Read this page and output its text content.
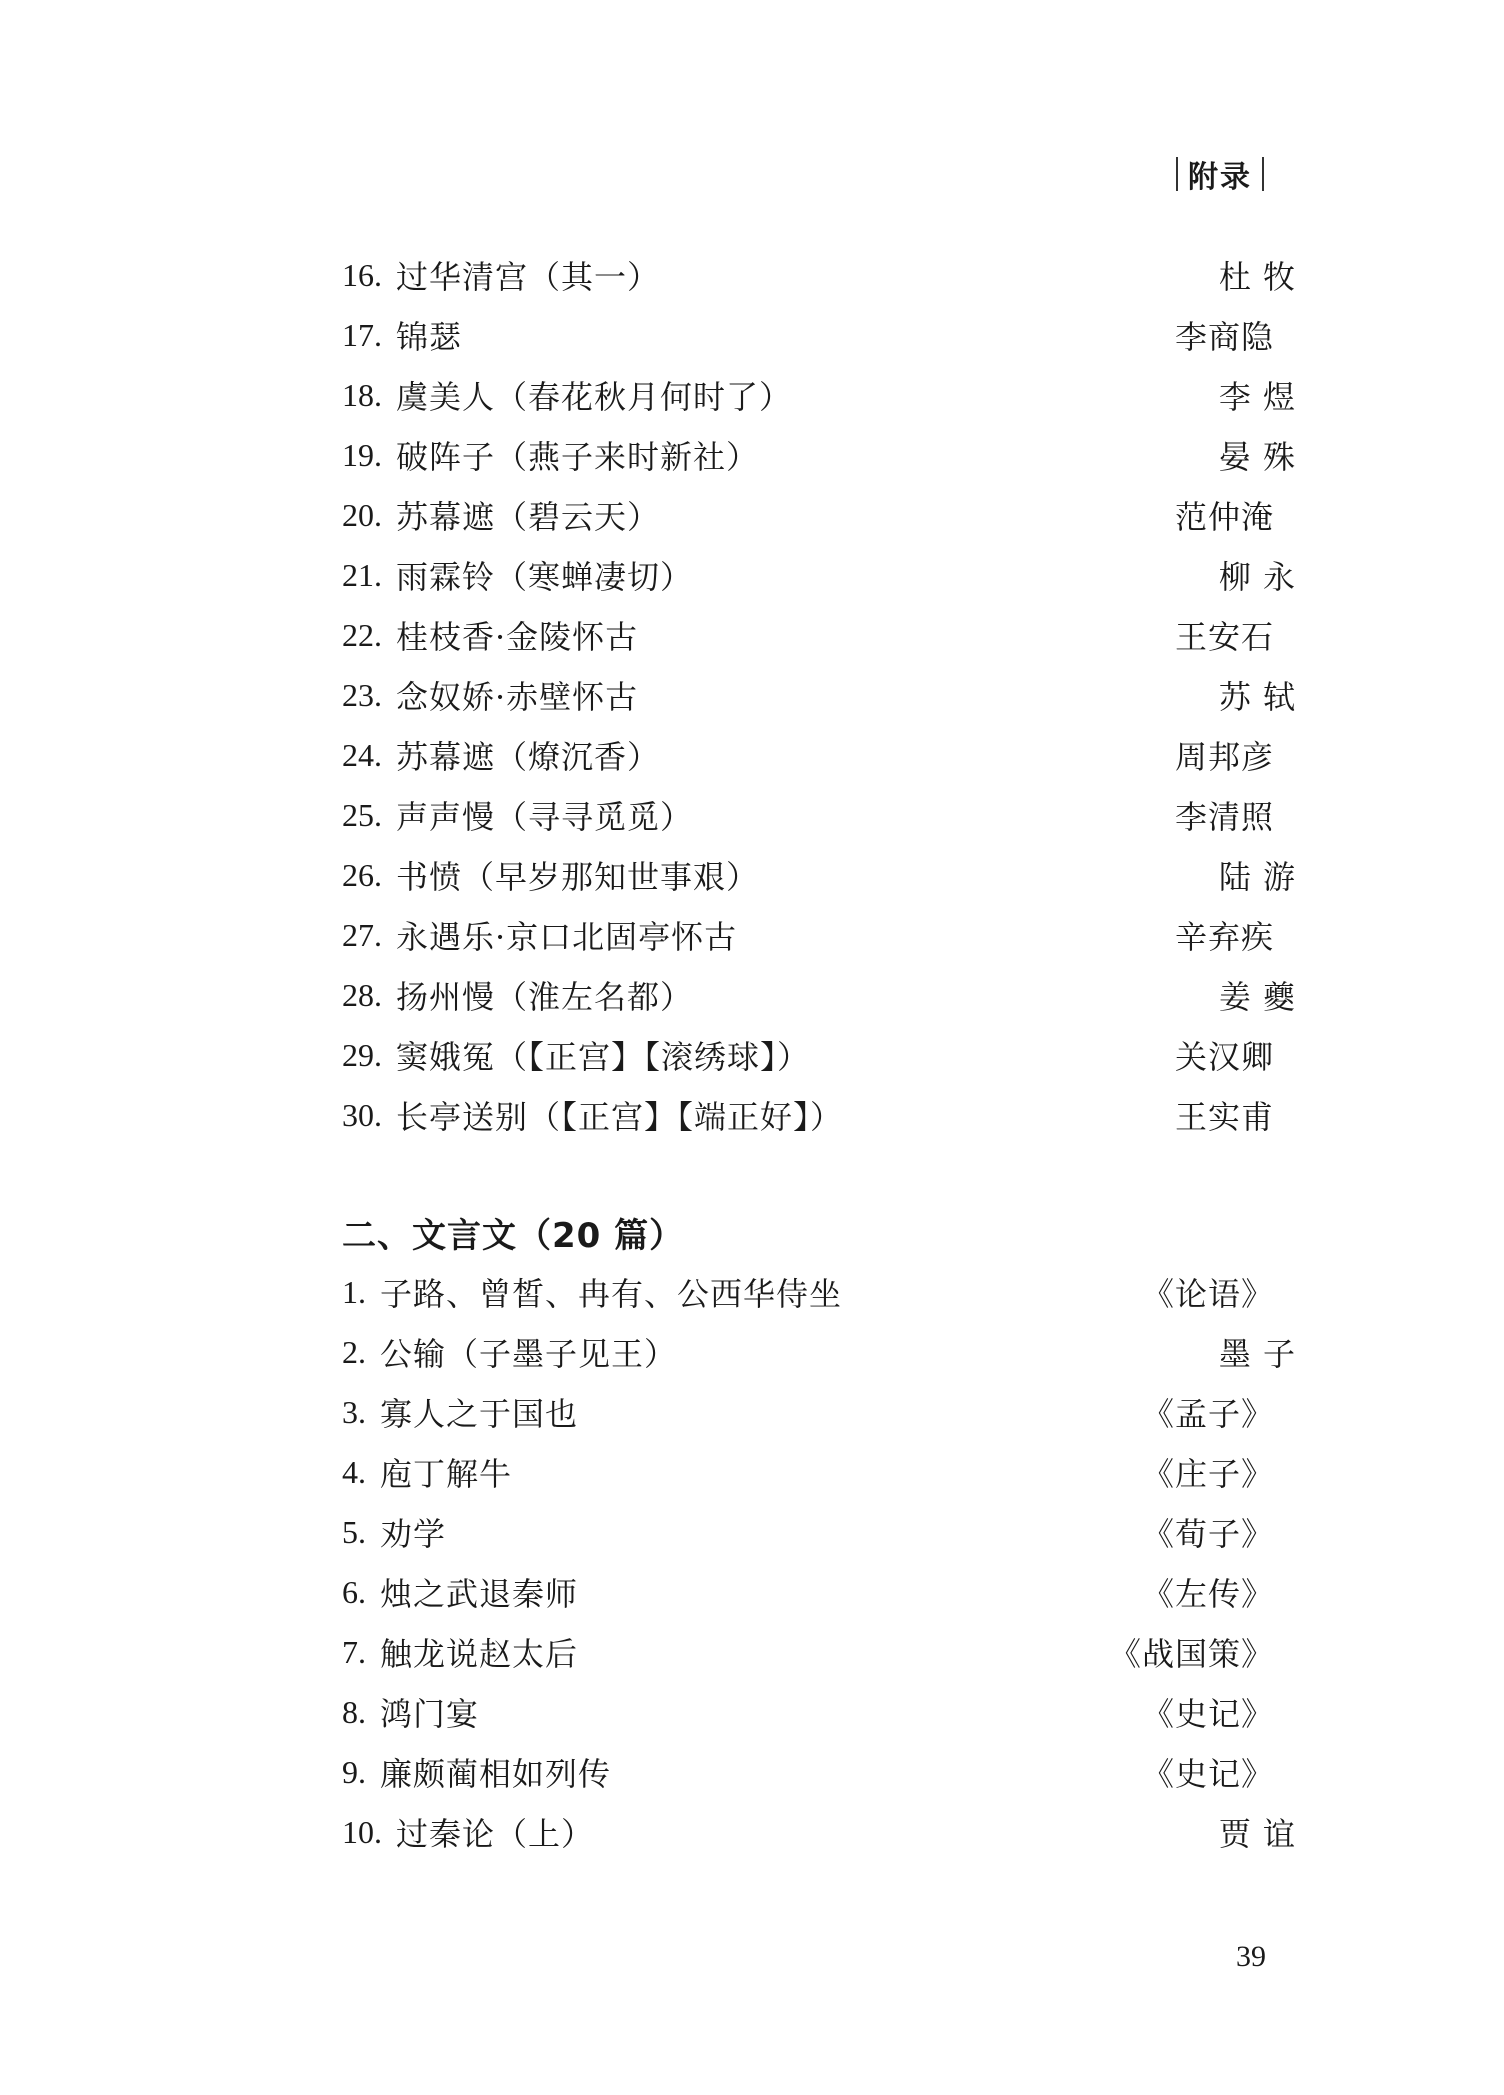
附录
16. 过华清宫（其一）	杜 牧
17. 锦瑟	李商隐
18. 虞美人（春花秋月何时了）	李 煜
19. 破阵子（燕子来时新社）	晏 殊
20. 苏幕遮（碧云天）	范仲淹
21. 雨霖铃（寒蝉凄切）	柳 永
22. 桂枝香·金陵怀古	王安石
23. 念奴娇·赤壁怀古	苏 轼
24. 苏幕遮（燎沉香）	周邦彦
25. 声声慢（寻寻觅觅）	李清照
26. 书愤（早岁那知世事艰）	陆 游
27. 永遇乐·京口北固亭怀古	辛弃疾
28. 扬州慢（淮左名都）	姜 夔
29. 窦娥冤（【正宫】【滚绣球】）	关汉卿
30. 长亭送别（【正宫】【端正好】）	王实甫
二、文言文（20 篇）
1. 子路、曾皙、冉有、公西华侍坐	《论语》
2. 公输（子墨子见王）	墨 子
3. 寡人之于国也	《孟子》
4. 庖丁解牛	《庄子》
5. 劝学	《荀子》
6. 烛之武退秦师	《左传》
7. 触龙说赵太后	《战国策》
8. 鸿门宴	《史记》
9. 廉颇蔺相如列传	《史记》
10. 过秦论（上）	贾 谊
39
